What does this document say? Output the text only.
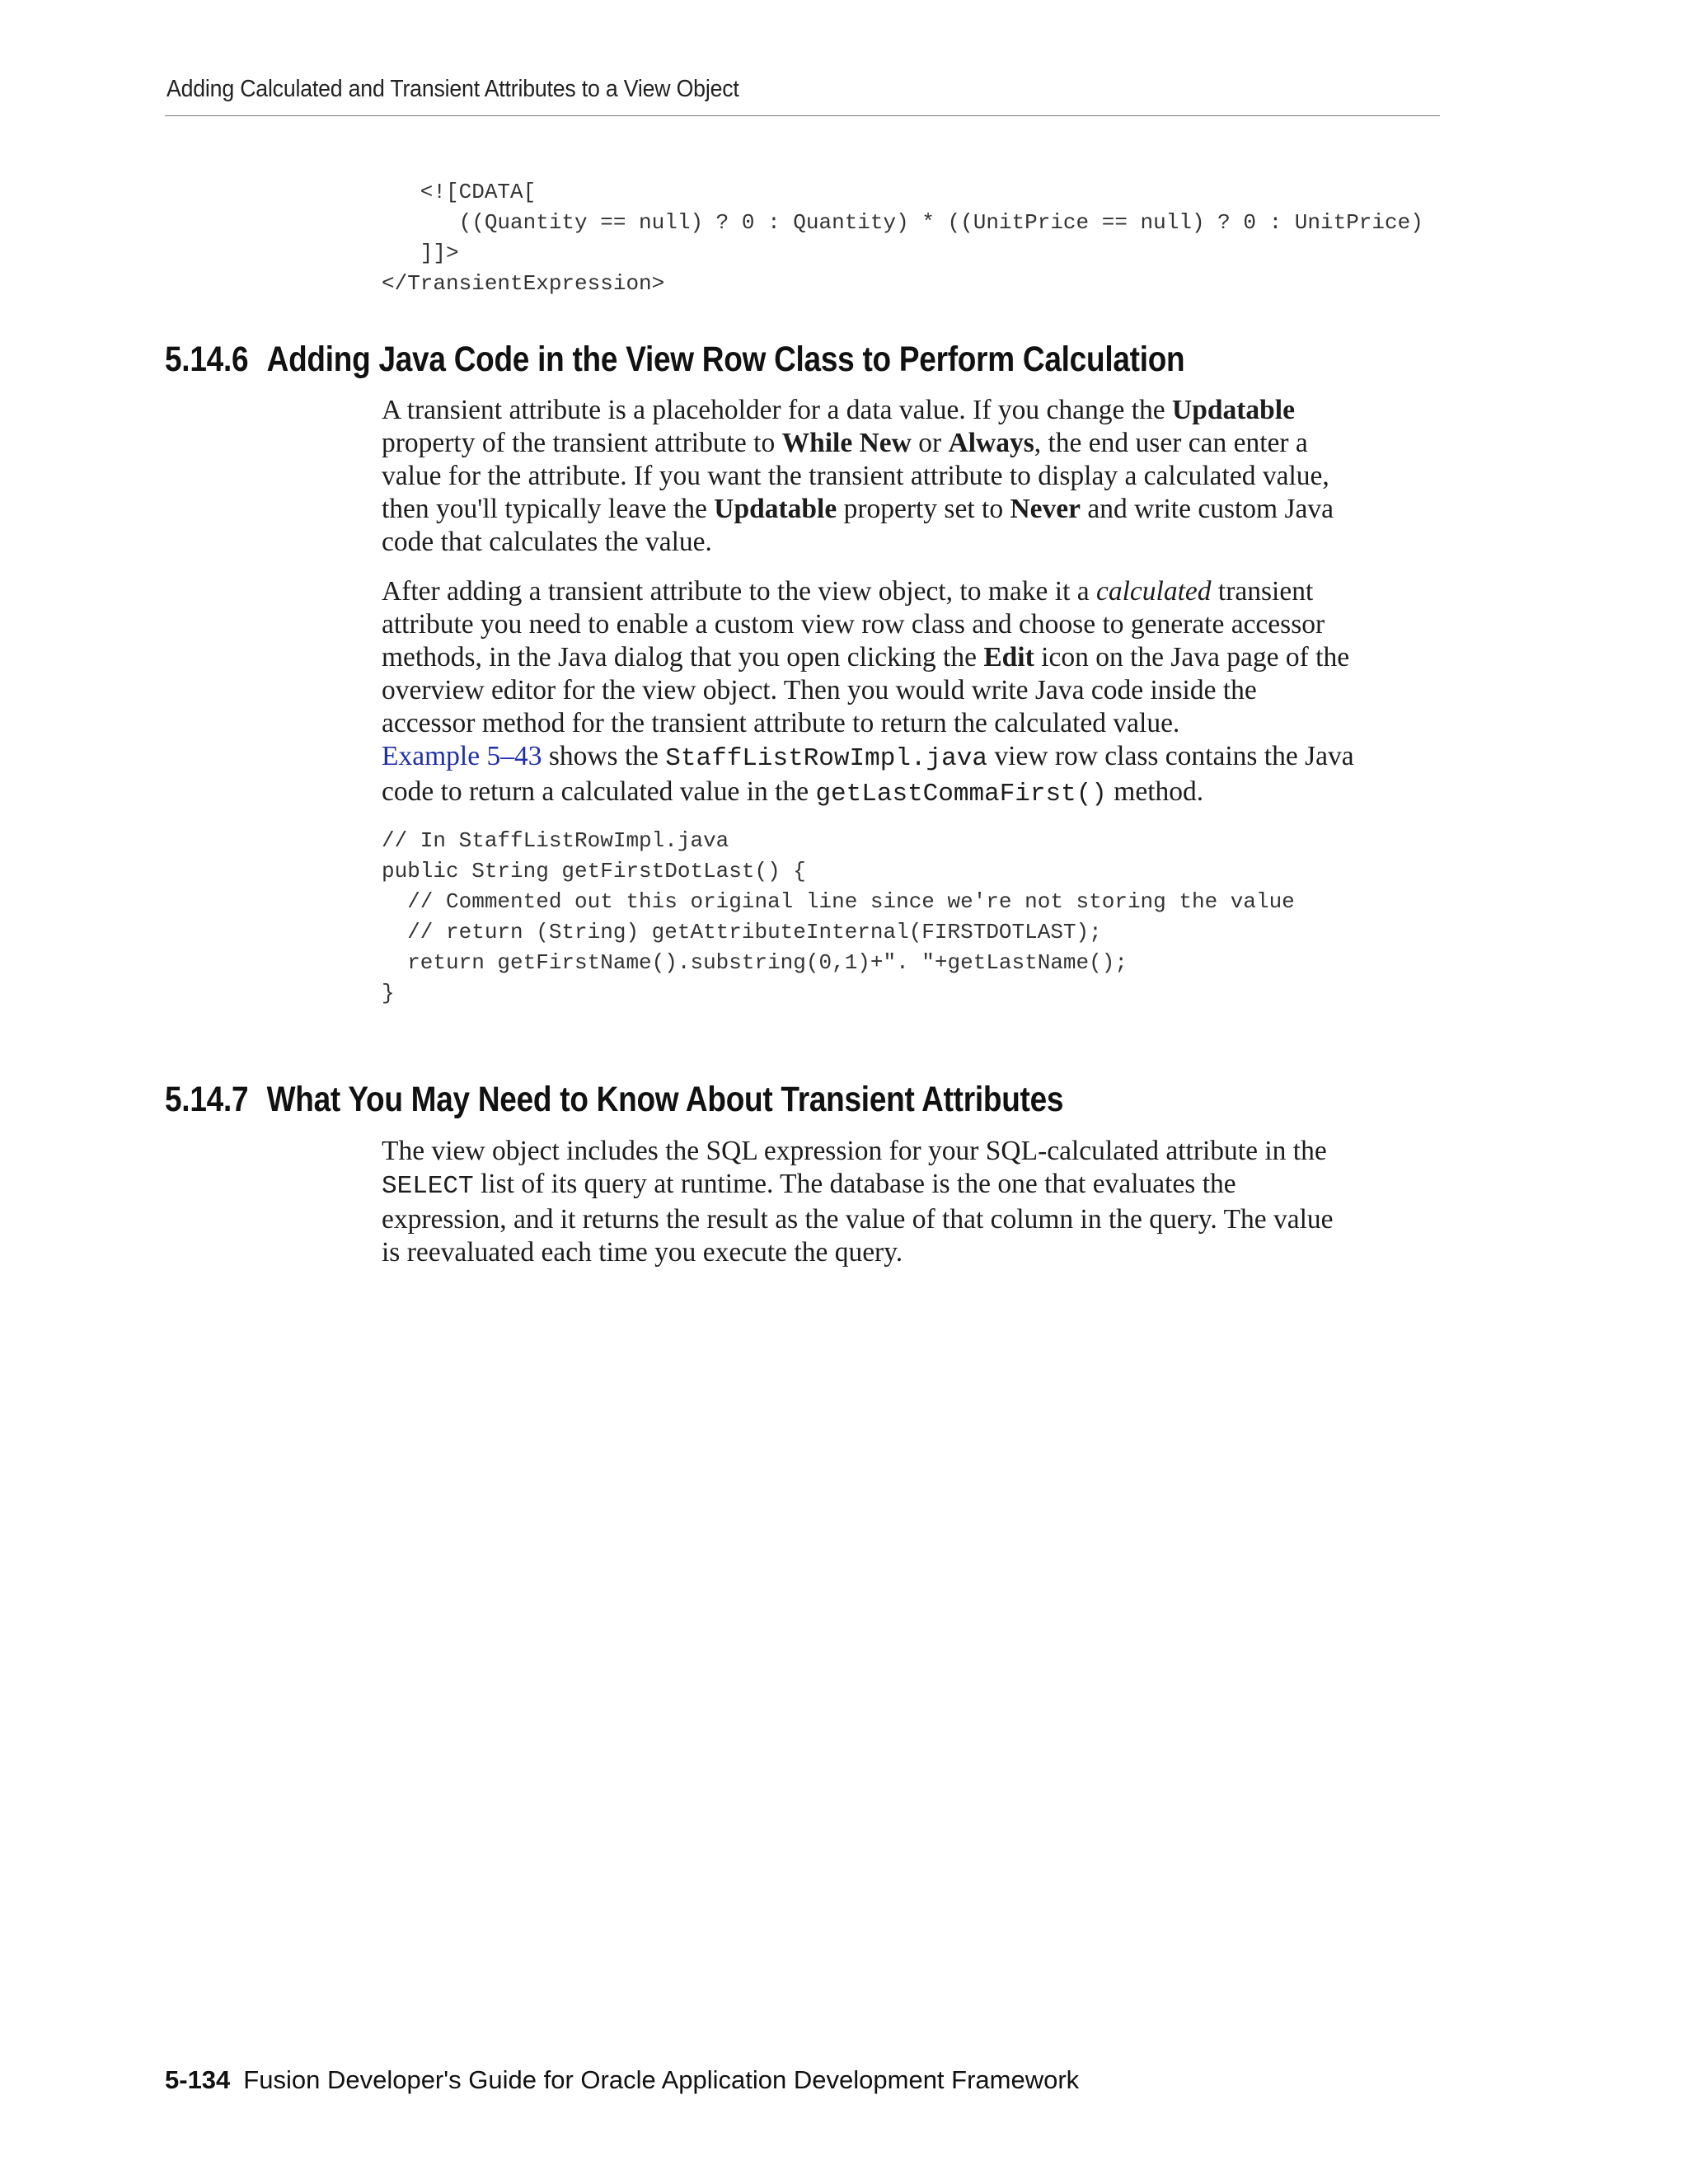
Adding Calculated and Transient Attributes to a View Object
<![CDATA[
((Quantity == null) ? 0 : Quantity) * ((UnitPrice == null) ? 0 : UnitPrice)
]]>
</TransientExpression>
5.14.6 Adding Java Code in the View Row Class to Perform Calculation
A transient attribute is a placeholder for a data value. If you change the Updatable
property of the transient attribute to While New or Always, the end user can enter a
value for the attribute. If you want the transient attribute to display a calculated value,
then you'll typically leave the Updatable property set to Never and write custom Java
code that calculates the value.
After adding a transient attribute to the view object, to make it a calculated transient
attribute you need to enable a custom view row class and choose to generate accessor
methods, in the Java dialog that you open clicking the Edit icon on the Java page of the
overview editor for the view object. Then you would write Java code inside the
accessor method for the transient attribute to return the calculated value.
Example 5–43 shows the StaffListRowImpl.java view row class contains the Java
code to return a calculated value in the getLastCommaFirst() method.
// In StaffListRowImpl.java
public String getFirstDotLast() {
// Commented out this original line since we're not storing the value
// return (String) getAttributeInternal(FIRSTDOTLAST);
return getFirstName().substring(0,1)+". "+getLastName();
}
5.14.7 What You May Need to Know About Transient Attributes
The view object includes the SQL expression for your SQL-calculated attribute in the
SELECT list of its query at runtime. The database is the one that evaluates the
expression, and it returns the result as the value of that column in the query. The value
is reevaluated each time you execute the query.
5-134 Fusion Developer's Guide for Oracle Application Development Framework
